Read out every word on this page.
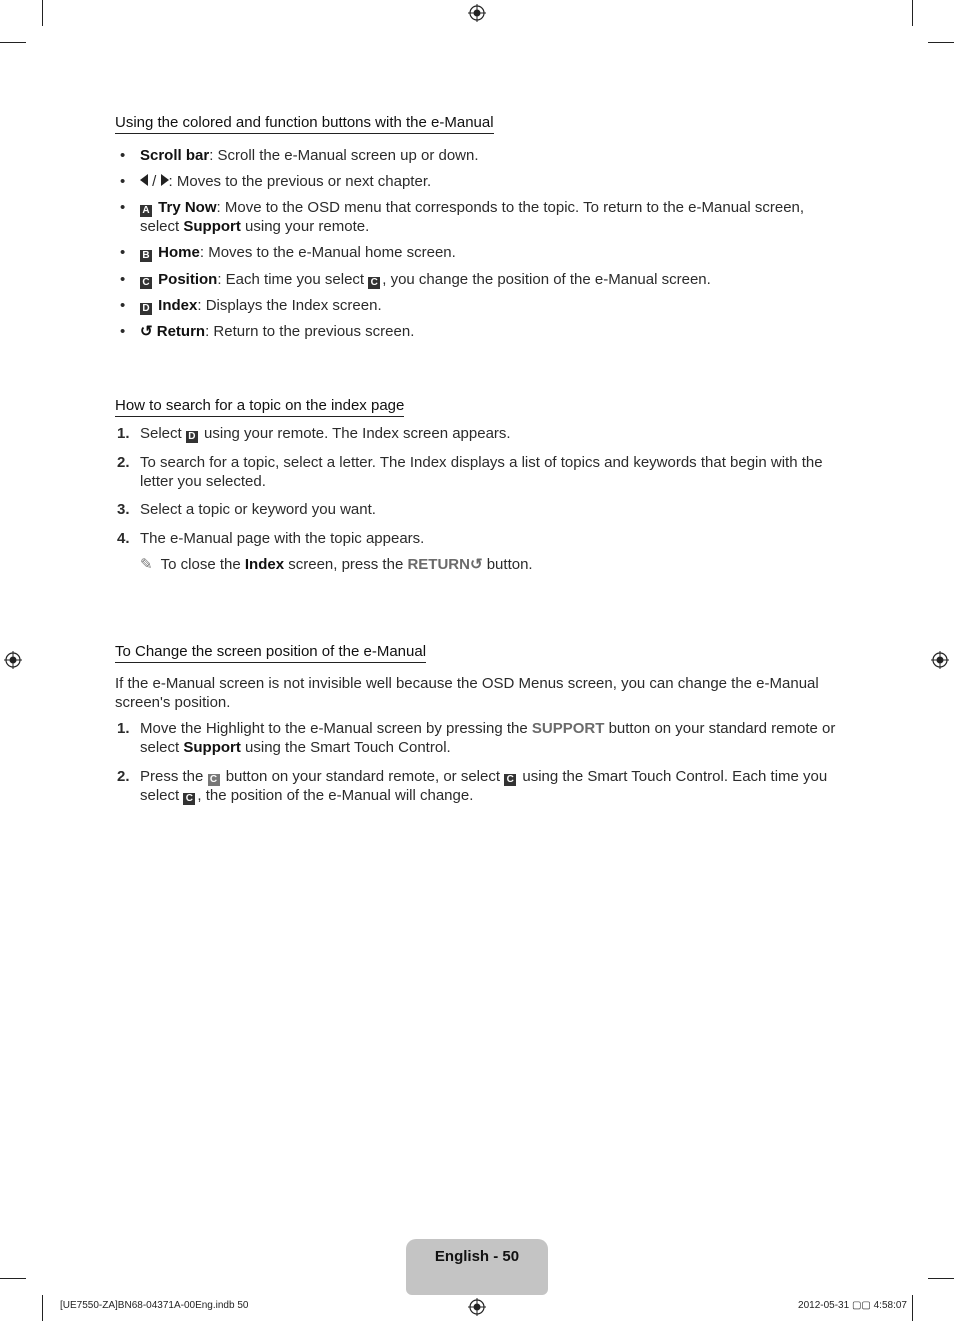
Using the colored and function buttons with the e-Manual
• Scroll bar: Scroll the e-Manual screen up or down.
•	/ : Moves to the previous or next chapter.
• A Try Now: Move to the OSD menu that corresponds to the topic. To return to the e-Manual screen,
select Support using your remote.
• B Home: Moves to the e-Manual home screen.
• C Position: Each time you select C , you change the position of the e-Manual screen.
• D Index: Displays the Index screen.
• ↺ Return: Return to the previous screen.
How to search for a topic on the index page
1. Select D using your remote. The Index screen appears.
2. To search for a topic, select a letter. The Index displays a list of topics and keywords that begin with the letter you selected.
3. Select a topic or keyword you want.
4. The e-Manual page with the topic appears.
✎ To close the Index screen, press the RETURN↺ button.
To Change the screen position of the e-Manual
If the e-Manual screen is not invisible well because the OSD Menus screen, you can change the e-Manual screen's position.
1. Move the Highlight to the e-Manual screen by pressing the SUPPORT button on your standard remote or select Support using the Smart Touch Control.
2. Press the C button on your standard remote, or select C using the Smart Touch Control. Each time you select C , the position of the e-Manual will change.
English - 50
[UE7550-ZA]BN68-04371A-00Eng.indb 50	2012-05-31 ▢▢ 4:58:07
